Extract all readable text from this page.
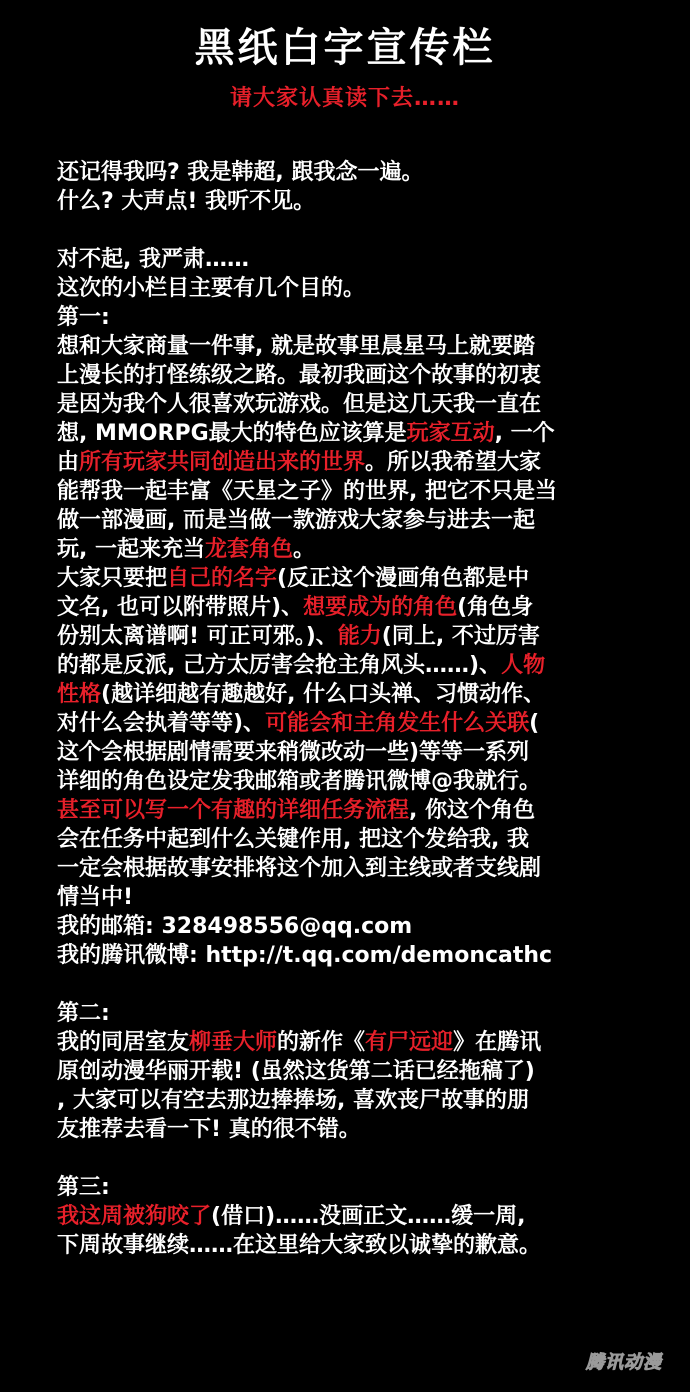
黑纸白字宣传栏
请大家认真读下去……
还记得我吗? 我是韩超, 跟我念一遍。
什么? 大声点! 我听不见。
对不起, 我严肃……
这次的小栏目主要有几个目的。
第一:
想和大家商量一件事, 就是故事里晨星马上就要踏
上漫长的打怪练级之路。最初我画这个故事的初衷
是因为我个人很喜欢玩游戏。但是这几天我一直在
想, MMORPG最大的特色应该算是玩家互动, 一个
由所有玩家共同创造出来的世界。所以我希望大家
能帮我一起丰富《天星之子》的世界, 把它不只是当
做一部漫画, 而是当做一款游戏大家参与进去一起
玩, 一起来充当龙套角色。
大家只要把自己的名字(反正这个漫画角色都是中
文名, 也可以附带照片)、想要成为的角色(角色身
份别太离谱啊! 可正可邪。)、能力(同上, 不过厉害
的都是反派, 己方太厉害会抢主角风头……)、人物
性格(越详细越有趣越好, 什么口头禅、习惯动作、
对什么会执着等等)、可能会和主角发生什么关联(
这个会根据剧情需要来稍微改动一些)等等一系列
详细的角色设定发我邮箱或者腾讯微博@我就行。
甚至可以写一个有趣的详细任务流程, 你这个角色
会在任务中起到什么关键作用, 把这个发给我, 我
一定会根据故事安排将这个加入到主线或者支线剧
情当中!
我的邮箱: 328498556@qq.com
我的腾讯微博: http://t.qq.com/demoncathc
第二:
我的同居室友柳垂大师的新作《有尸远迎》在腾讯
原创动漫华丽开载! (虽然这货第二话已经拖稿了)
, 大家可以有空去那边捧捧场, 喜欢丧尸故事的朋
友推荐去看一下! 真的很不错。
第三:
我这周被狗咬了(借口)……没画正文……缓一周,
下周故事继续……在这里给大家致以诚挚的歉意。
腾讯动漫
